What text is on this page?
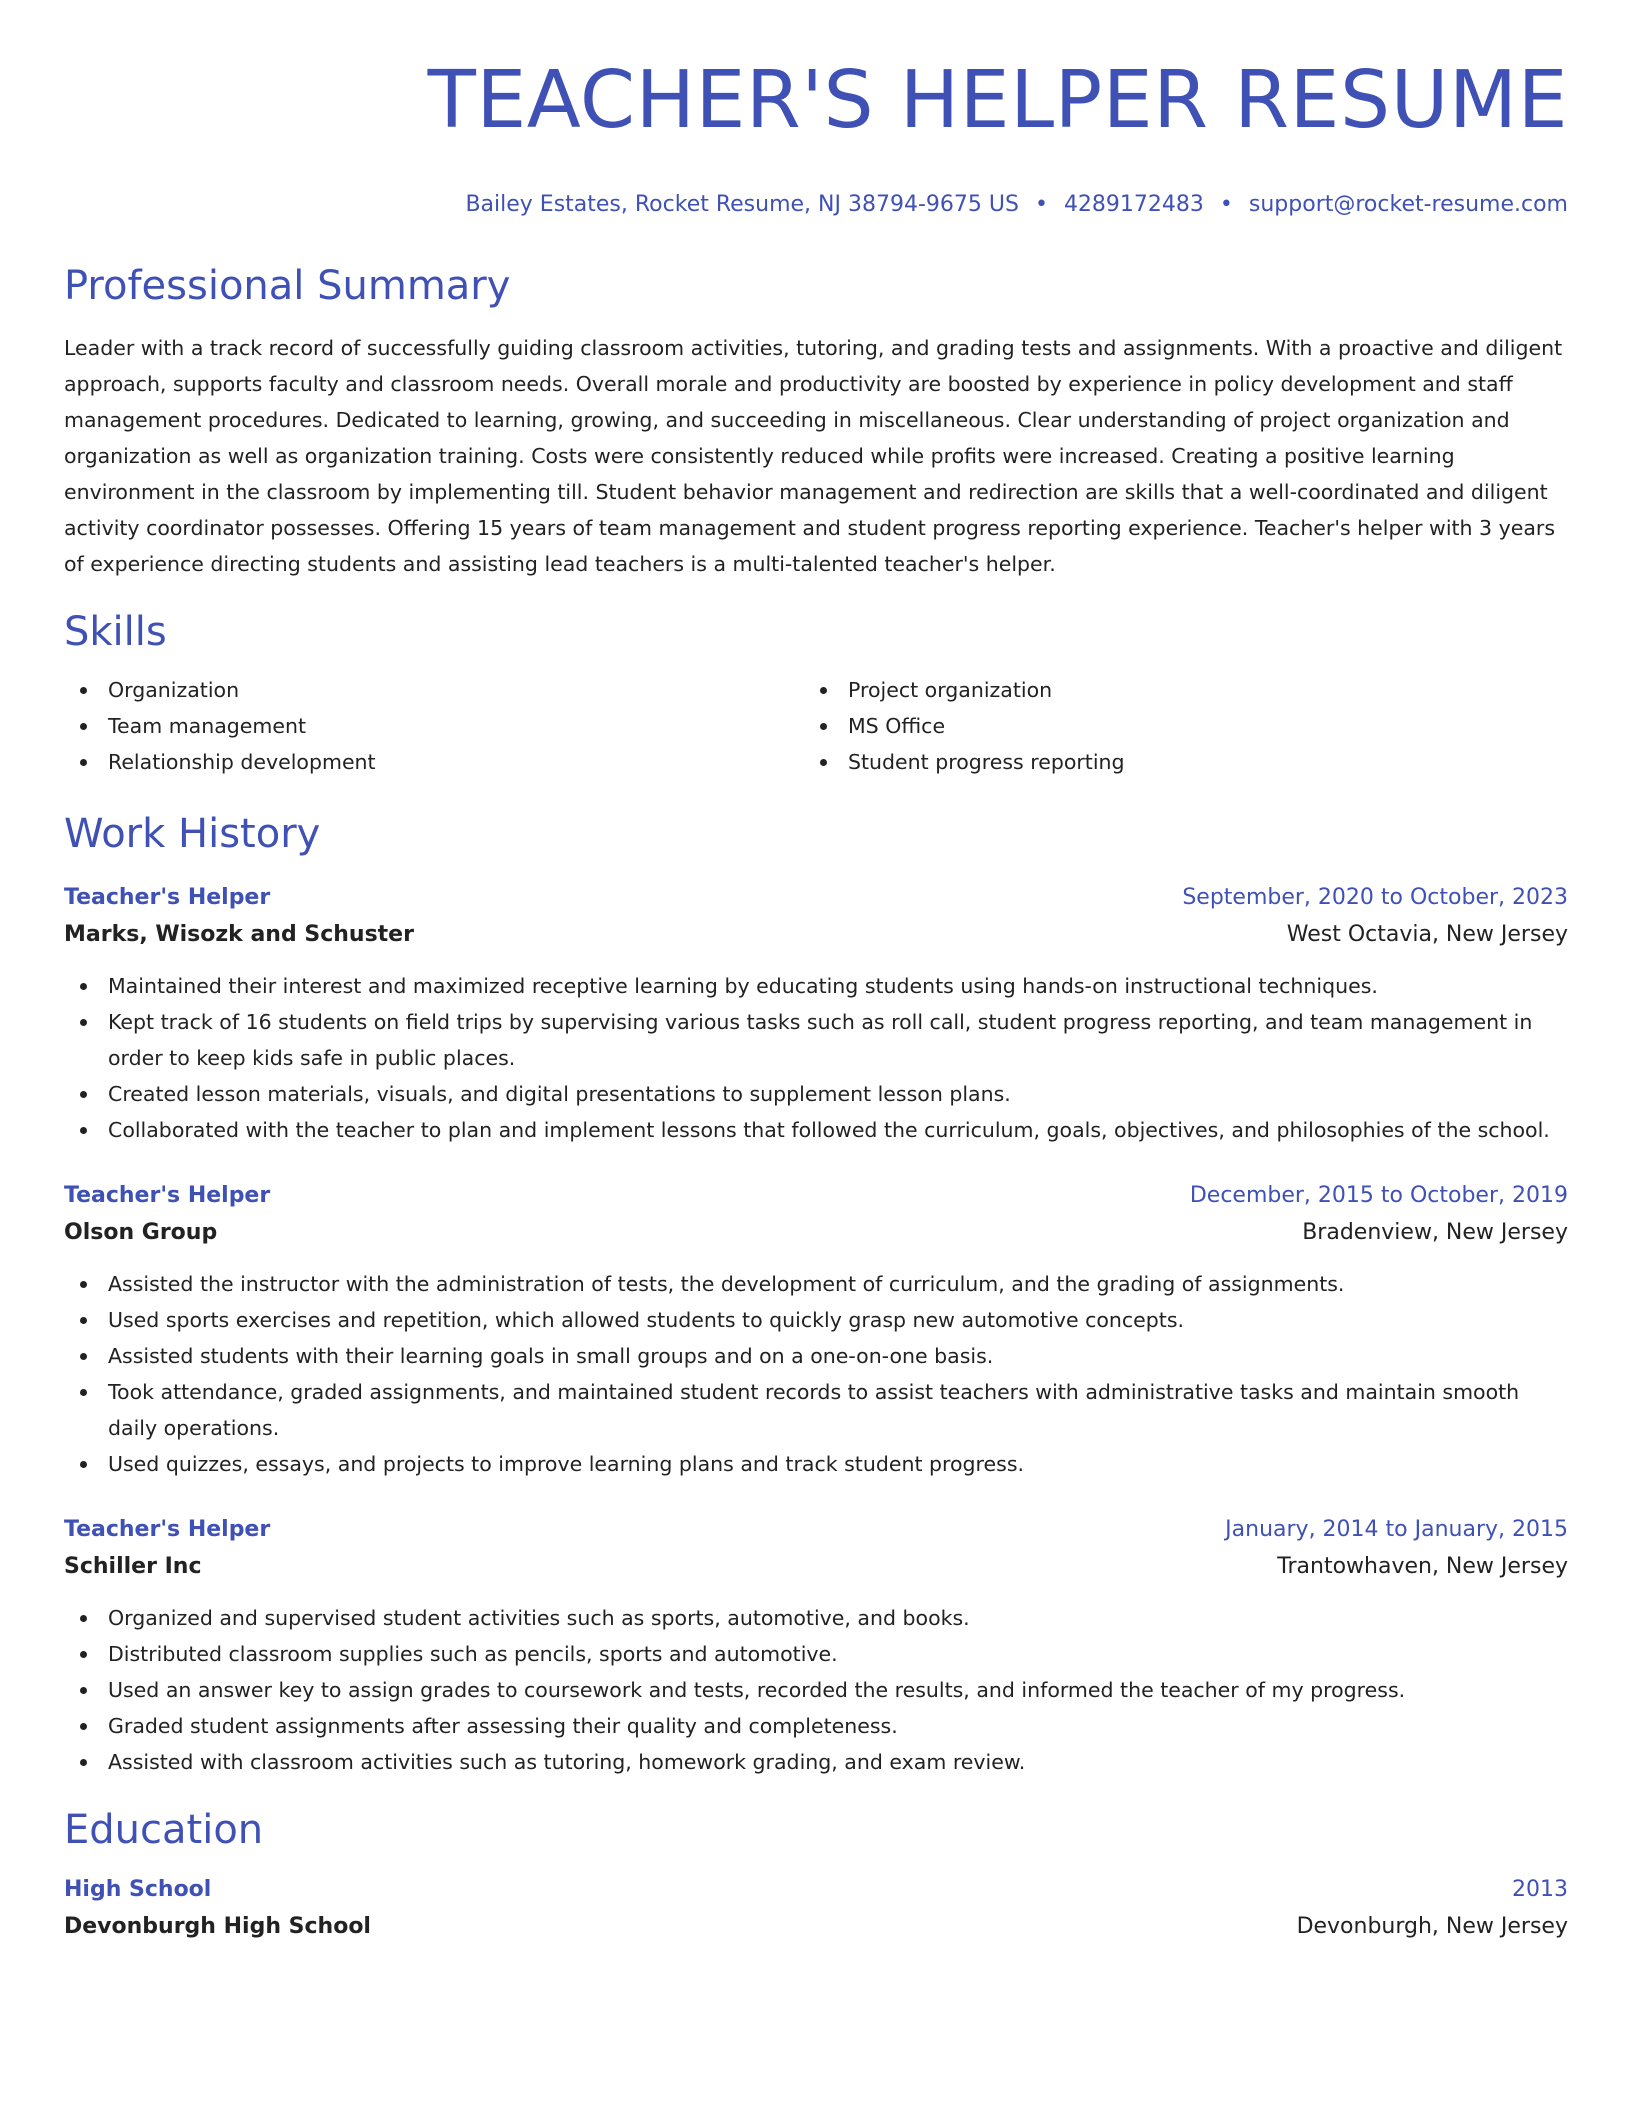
TEACHER'S HELPER RESUME
Bailey Estates, Rocket Resume, NJ 38794-9675 US • 4289172483 • support@rocket-resume.com
Professional Summary

Leader with a track record of successfully guiding classroom activities, tutoring, and grading tests and assignments. With a proactive and diligent approach, supports faculty and classroom needs. Overall morale and productivity are boosted by experience in policy development and staff management procedures. Dedicated to learning, growing, and succeeding in miscellaneous. Clear understanding of project organization and organization as well as organization training. Costs were consistently reduced while profits were increased. Creating a positive learning environment in the classroom by implementing till. Student behavior management and redirection are skills that a well-coordinated and diligent activity coordinator possesses. Offering 15 years of team management and student progress reporting experience. Teacher's helper with 3 years of experience directing students and assisting lead teachers is a multi-talented teacher's helper.

Skills
Organization
Team management
Relationship development
Project organization
MS Office
Student progress reporting
Work History
Teacher's Helper	September, 2020 to October, 2023
Marks, Wisozk and Schuster	West Octavia, New Jersey
Maintained their interest and maximized receptive learning by educating students using hands-on instructional techniques.
Kept track of 16 students on field trips by supervising various tasks such as roll call, student progress reporting, and team management in order to keep kids safe in public places.
Created lesson materials, visuals, and digital presentations to supplement lesson plans.
Collaborated with the teacher to plan and implement lessons that followed the curriculum, goals, objectives, and philosophies of the school.
Teacher's Helper	December, 2015 to October, 2019
Olson Group	Bradenview, New Jersey
Assisted the instructor with the administration of tests, the development of curriculum, and the grading of assignments.
Used sports exercises and repetition, which allowed students to quickly grasp new automotive concepts.
Assisted students with their learning goals in small groups and on a one-on-one basis.
Took attendance, graded assignments, and maintained student records to assist teachers with administrative tasks and maintain smooth daily operations.
Used quizzes, essays, and projects to improve learning plans and track student progress.
Teacher's Helper	January, 2014 to January, 2015
Schiller Inc	Trantowhaven, New Jersey
Organized and supervised student activities such as sports, automotive, and books.
Distributed classroom supplies such as pencils, sports and automotive.
Used an answer key to assign grades to coursework and tests, recorded the results, and informed the teacher of my progress.
Graded student assignments after assessing their quality and completeness.
Assisted with classroom activities such as tutoring, homework grading, and exam review.
Education
High School	2013
Devonburgh High School	Devonburgh, New Jersey
